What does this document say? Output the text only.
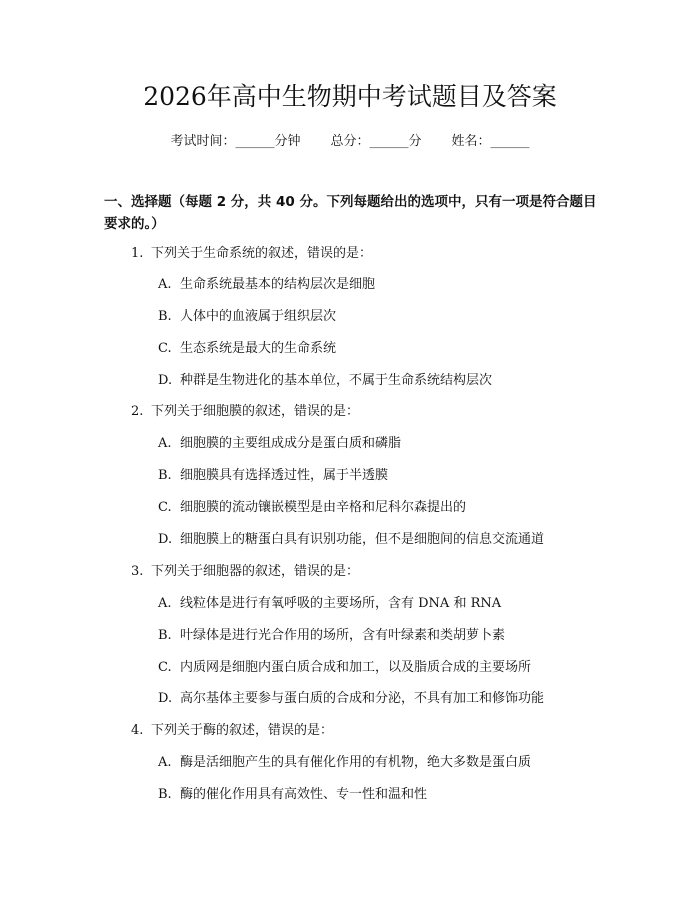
2026年高中生物期中考试题目及答案
考试时间：______分钟 总分：______分 姓名：______
一、选择题（每题 2 分，共 40 分。下列每题给出的选项中，只有一项是符合题目要求的。）
1. 下列关于生命系统的叙述，错误的是：
A. 生命系统最基本的结构层次是细胞
B. 人体中的血液属于组织层次
C. 生态系统是最大的生命系统
D. 种群是生物进化的基本单位，不属于生命系统结构层次
2. 下列关于细胞膜的叙述，错误的是：
A. 细胞膜的主要组成成分是蛋白质和磷脂
B. 细胞膜具有选择透过性，属于半透膜
C. 细胞膜的流动镶嵌模型是由辛格和尼科尔森提出的
D. 细胞膜上的糖蛋白具有识别功能，但不是细胞间的信息交流通道
3. 下列关于细胞器的叙述，错误的是：
A. 线粒体是进行有氧呼吸的主要场所，含有 DNA 和 RNA
B. 叶绿体是进行光合作用的场所，含有叶绿素和类胡萝卜素
C. 内质网是细胞内蛋白质合成和加工，以及脂质合成的主要场所
D. 高尔基体主要参与蛋白质的合成和分泌，不具有加工和修饰功能
4. 下列关于酶的叙述，错误的是：
A. 酶是活细胞产生的具有催化作用的有机物，绝大多数是蛋白质
B. 酶的催化作用具有高效性、专一性和温和性
